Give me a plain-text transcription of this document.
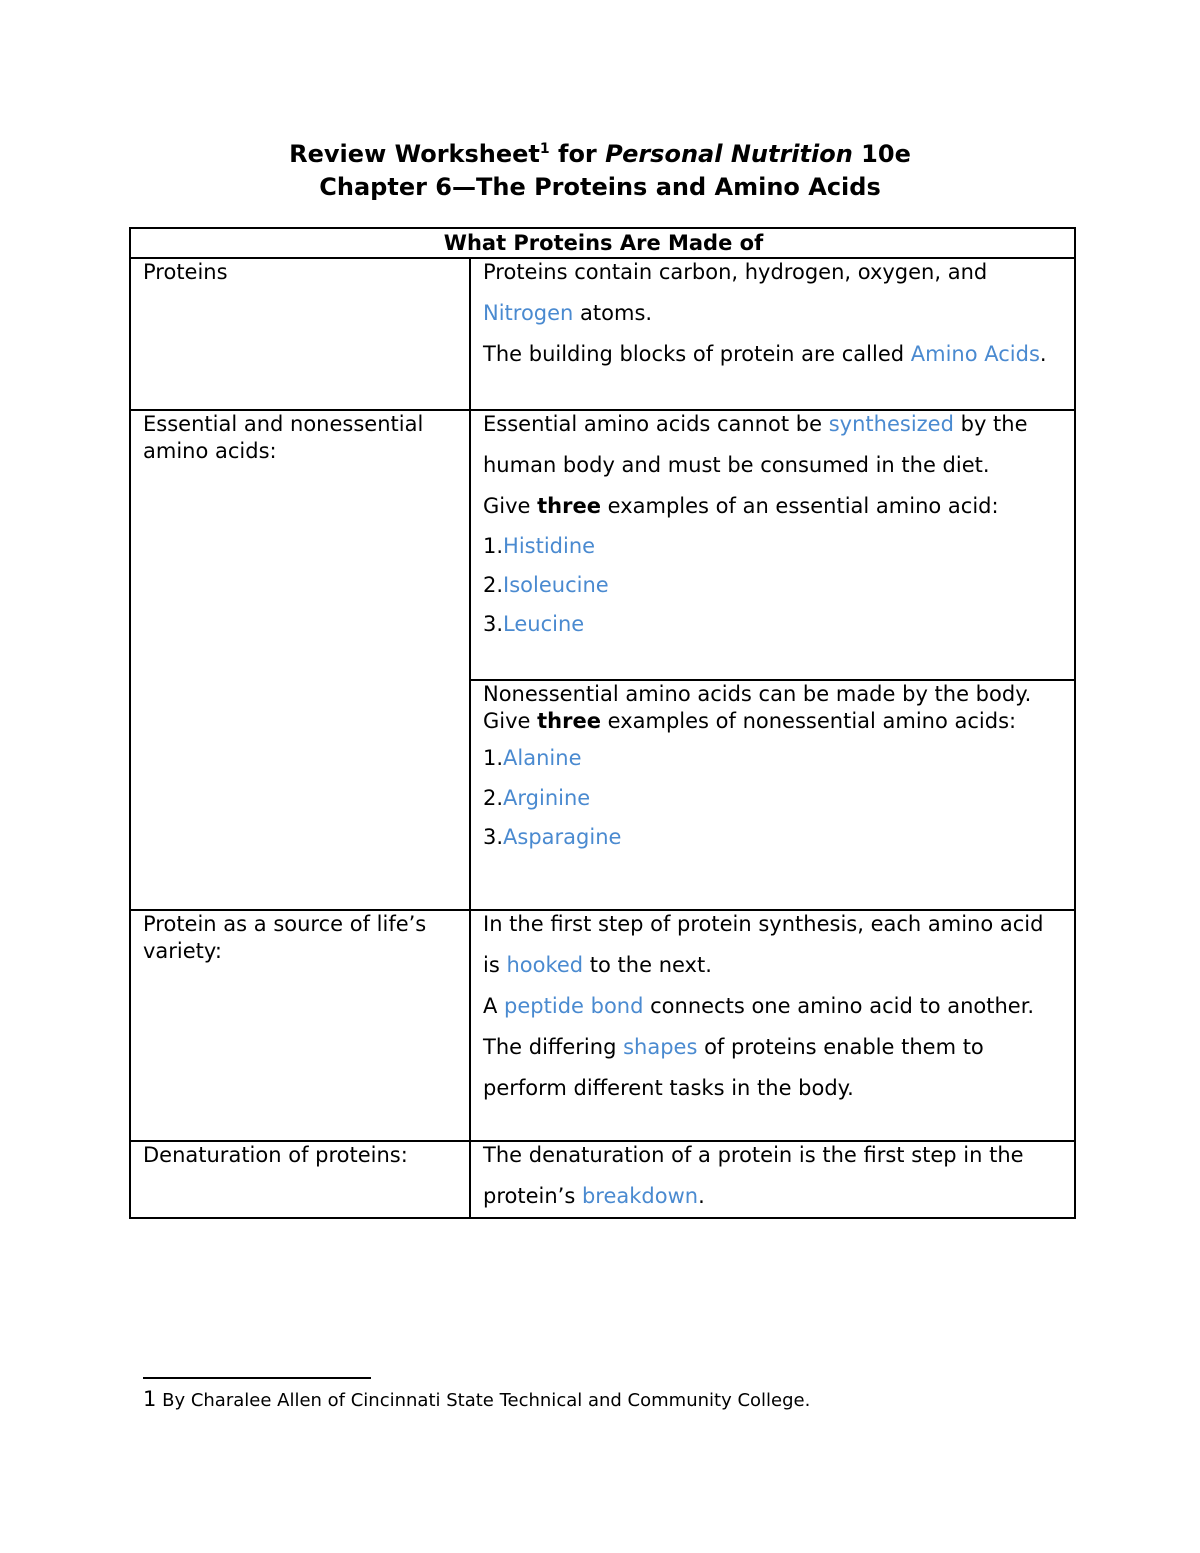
Review Worksheet$^1$ for Personal Nutrition 10e
Chapter 6—The Proteins and Amino Acids
What Proteins Are Made of	

Proteins	Proteins contain carbon, hydrogen, oxygen, and Nitrogen atoms.

The building blocks of protein are called Amino Acids.

Essential and nonessential amino acids:	Essential amino acids cannot be synthesized by the human body and must be consumed in the diet.

Give three examples of an essential amino acid:

1.Histidine

2.Isoleucine

3.Leucine

	Nonessential amino acids can be made by the body.

Give three examples of nonessential amino acids:

1.Alanine

2.Arginine

3.Asparagine

Protein as a source of life’s variety:	In the first step of protein synthesis, each amino acid is hooked to the next.

A peptide bond connects one amino acid to another.

The differing shapes of proteins enable them to perform different tasks in the body.

Denaturation of proteins:	The denaturation of a protein is the first step in the protein’s breakdown.

1 By Charalee Allen of Cincinnati State Technical and Community College.
